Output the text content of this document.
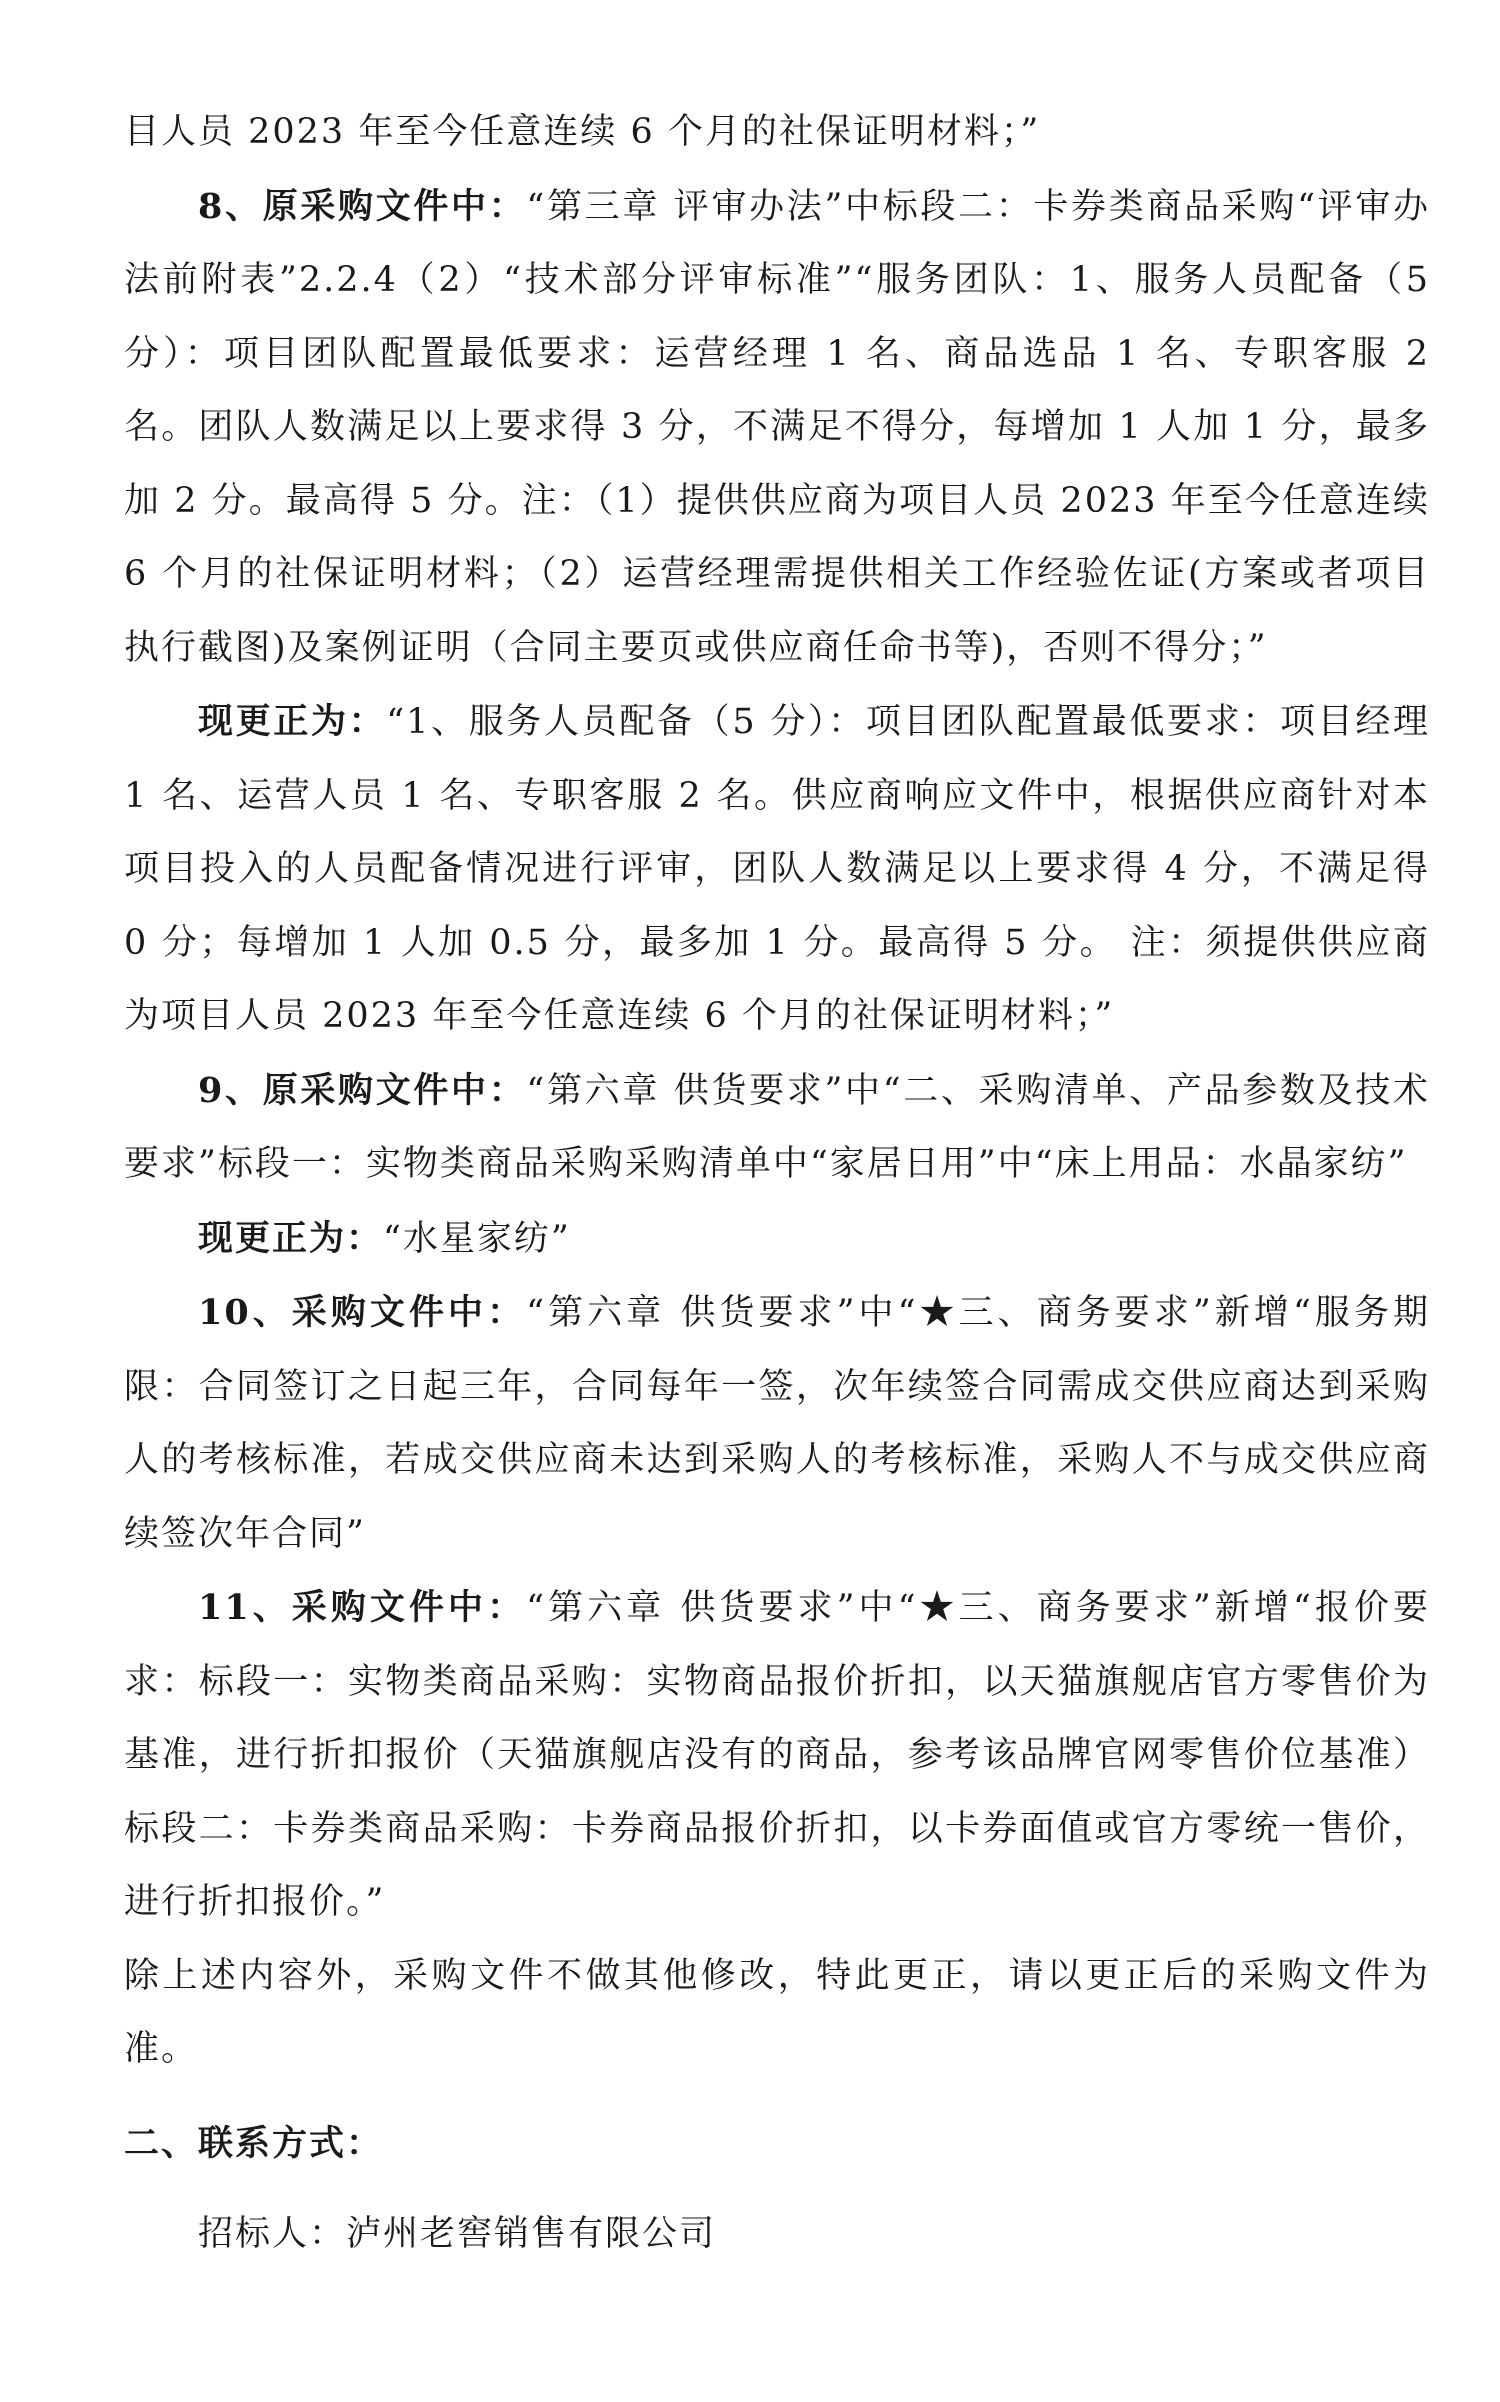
目人员 2023 年至今任意连续 6 个月的社保证明材料；”

8、原采购文件中：“第三章 评审办法”中标段二：卡券类商品采购“评审办法前附表”2.2.4（2）“技术部分评审标准”“服务团队：1、服务人员配备（5 分）：项目团队配置最低要求：运营经理 1 名、商品选品 1 名、专职客服 2 名。团队人数满足以上要求得 3 分，不满足不得分，每增加 1 人加 1 分，最多加 2 分。最高得 5 分。注：（1）提供供应商为项目人员 2023 年至今任意连续 6 个月的社保证明材料；（2）运营经理需提供相关工作经验佐证(方案或者项目执行截图)及案例证明（合同主要页或供应商任命书等)，否则不得分；”

现更正为：“1、服务人员配备（5 分）：项目团队配置最低要求：项目经理 1 名、运营人员 1 名、专职客服 2 名。供应商响应文件中，根据供应商针对本项目投入的人员配备情况进行评审，团队人数满足以上要求得 4 分，不满足得 0 分；每增加 1 人加 0.5 分，最多加 1 分。最高得 5 分。 注：须提供供应商为项目人员 2023 年至今任意连续 6 个月的社保证明材料；”

9、原采购文件中：“第六章 供货要求”中“二、采购清单、产品参数及技术要求”标段一：实物类商品采购采购清单中“家居日用”中“床上用品：水晶家纺”

现更正为：“水星家纺”

10、采购文件中：“第六章 供货要求”中“★三、商务要求”新增“服务期限：合同签订之日起三年，合同每年一签，次年续签合同需成交供应商达到采购人的考核标准，若成交供应商未达到采购人的考核标准，采购人不与成交供应商续签次年合同”

11、采购文件中：“第六章 供货要求”中“★三、商务要求”新增“报价要求：标段一：实物类商品采购：实物商品报价折扣，以天猫旗舰店官方零售价为基准，进行折扣报价（天猫旗舰店没有的商品，参考该品牌官网零售价位基准）标段二：卡券类商品采购：卡券商品报价折扣，以卡券面值或官方零统一售价，进行折扣报价。”

除上述内容外，采购文件不做其他修改，特此更正，请以更正后的采购文件为准。

二、联系方式：

招标人：泸州老窖销售有限公司
